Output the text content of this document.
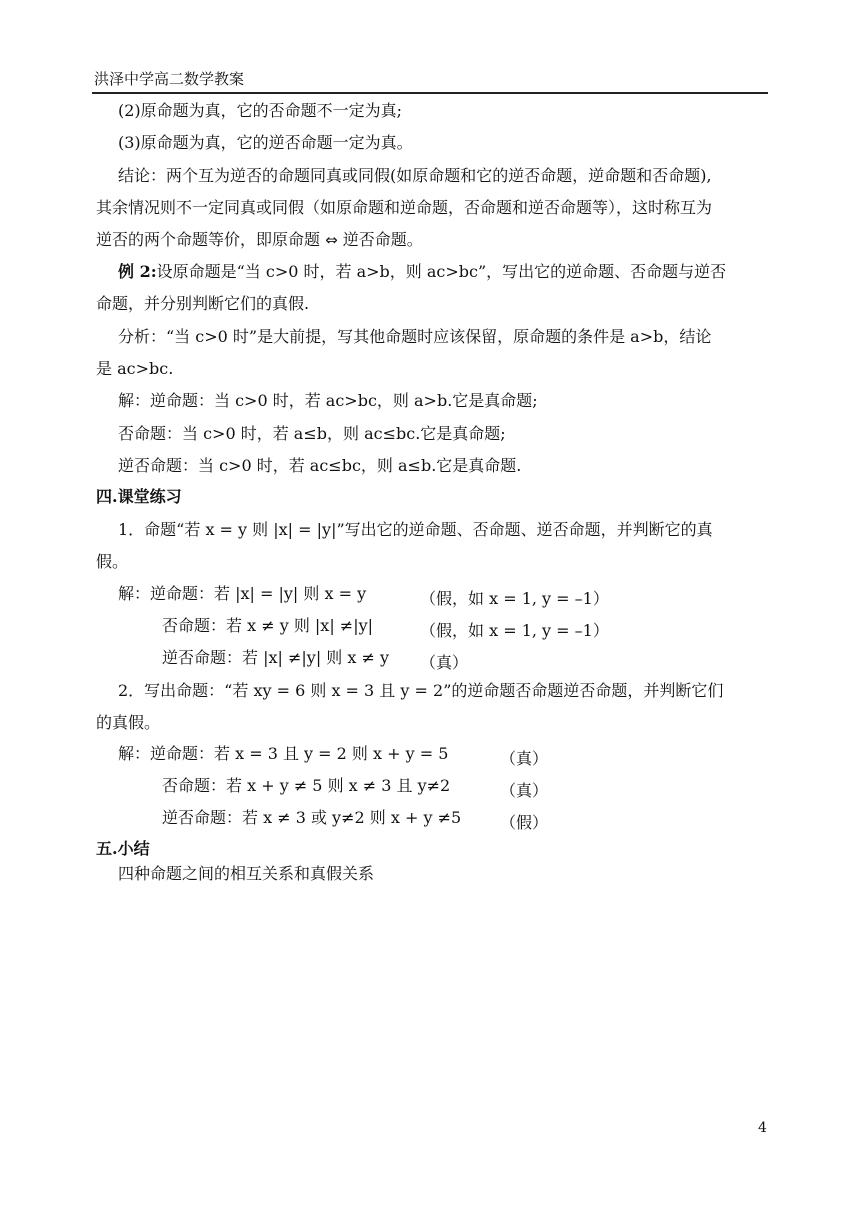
洪泽中学高二数学教案
(2)原命题为真，它的否命题不一定为真;
(3)原命题为真，它的逆否命题一定为真。
结论：两个互为逆否的命题同真或同假(如原命题和它的逆否命题，逆命题和否命题),
其余情况则不一定同真或同假（如原命题和逆命题，否命题和逆否命题等），这时称互为
逆否的两个命题等价，即原命题 ⇔ 逆否命题。
例 2:设原命题是“当 c>0 时，若 a>b，则 ac>bc”，写出它的逆命题、否命题与逆否
命题，并分别判断它们的真假.
分析：“当 c>0 时”是大前提，写其他命题时应该保留，原命题的条件是 a>b，结论
是 ac>bc.
解：逆命题：当 c>0 时，若 ac>bc，则 a>b.它是真命题;
否命题：当 c>0 时，若 a≤b，则 ac≤bc.它是真命题;
逆否命题：当 c>0 时，若 ac≤bc，则 a≤b.它是真命题.
四.课堂练习
1．命题“若 x = y 则 |x| = |y|”写出它的逆命题、否命题、逆否命题，并判断它的真
假。
解：逆命题：若 |x| = |y| 则 x = y	（假，如 x = 1, y = –1）
否命题：若 x ≠ y 则 |x| ≠|y|	（假，如 x = 1, y = –1）
逆否命题：若 |x| ≠|y| 则 x ≠ y	（真）
2．写出命题：“若 xy = 6 则 x = 3 且 y = 2”的逆命题否命题逆否命题，并判断它们
的真假。
解：逆命题：若 x = 3 且 y = 2 则 x + y = 5	（真）
否命题：若 x + y ≠ 5 则 x ≠ 3 且 y≠2	（真）
逆否命题：若 x ≠ 3 或 y≠2 则 x + y ≠5	（假）
五.小结
四种命题之间的相互关系和真假关系
4
